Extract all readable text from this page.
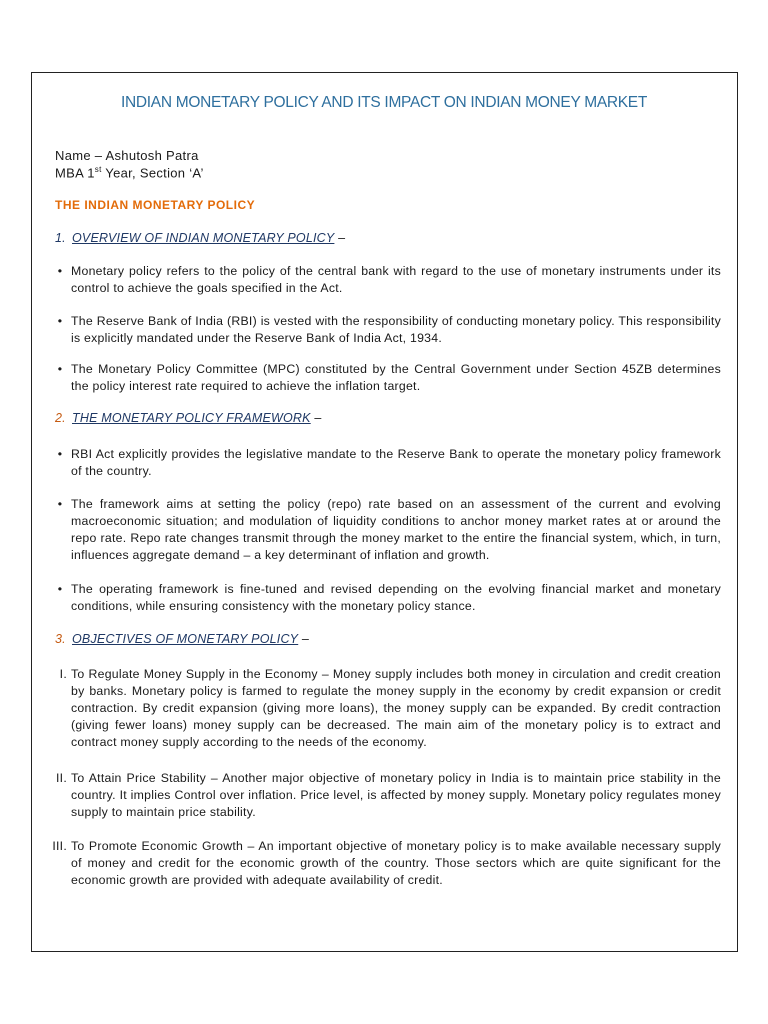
INDIAN MONETARY POLICY AND ITS IMPACT ON INDIAN MONEY MARKET
Name – Ashutosh Patra
MBA 1st Year, Section ‘A’
THE INDIAN MONETARY POLICY
1. OVERVIEW OF INDIAN MONETARY POLICY –
• Monetary policy refers to the policy of the central bank with regard to the use of monetary instruments under its control to achieve the goals specified in the Act.
• The Reserve Bank of India (RBI) is vested with the responsibility of conducting monetary policy. This responsibility is explicitly mandated under the Reserve Bank of India Act, 1934.
• The Monetary Policy Committee (MPC) constituted by the Central Government under Section 45ZB determines the policy interest rate required to achieve the inflation target.
2. THE MONETARY POLICY FRAMEWORK –
• RBI Act explicitly provides the legislative mandate to the Reserve Bank to operate the monetary policy framework of the country.
• The framework aims at setting the policy (repo) rate based on an assessment of the current and evolving macroeconomic situation; and modulation of liquidity conditions to anchor money market rates at or around the repo rate. Repo rate changes transmit through the money market to the entire the financial system, which, in turn, influences aggregate demand – a key determinant of inflation and growth.
• The operating framework is fine-tuned and revised depending on the evolving financial market and monetary conditions, while ensuring consistency with the monetary policy stance.
3. OBJECTIVES OF MONETARY POLICY –
I. To Regulate Money Supply in the Economy – Money supply includes both money in circulation and credit creation by banks. Monetary policy is farmed to regulate the money supply in the economy by credit expansion or credit contraction. By credit expansion (giving more loans), the money supply can be expanded. By credit contraction (giving fewer loans) money supply can be decreased. The main aim of the monetary policy is to extract and contract money supply according to the needs of the economy.
II. To Attain Price Stability – Another major objective of monetary policy in India is to maintain price stability in the country. It implies Control over inflation. Price level, is affected by money supply. Monetary policy regulates money supply to maintain price stability.
III. To Promote Economic Growth – An important objective of monetary policy is to make available necessary supply of money and credit for the economic growth of the country. Those sectors which are quite significant for the economic growth are provided with adequate availability of credit.
